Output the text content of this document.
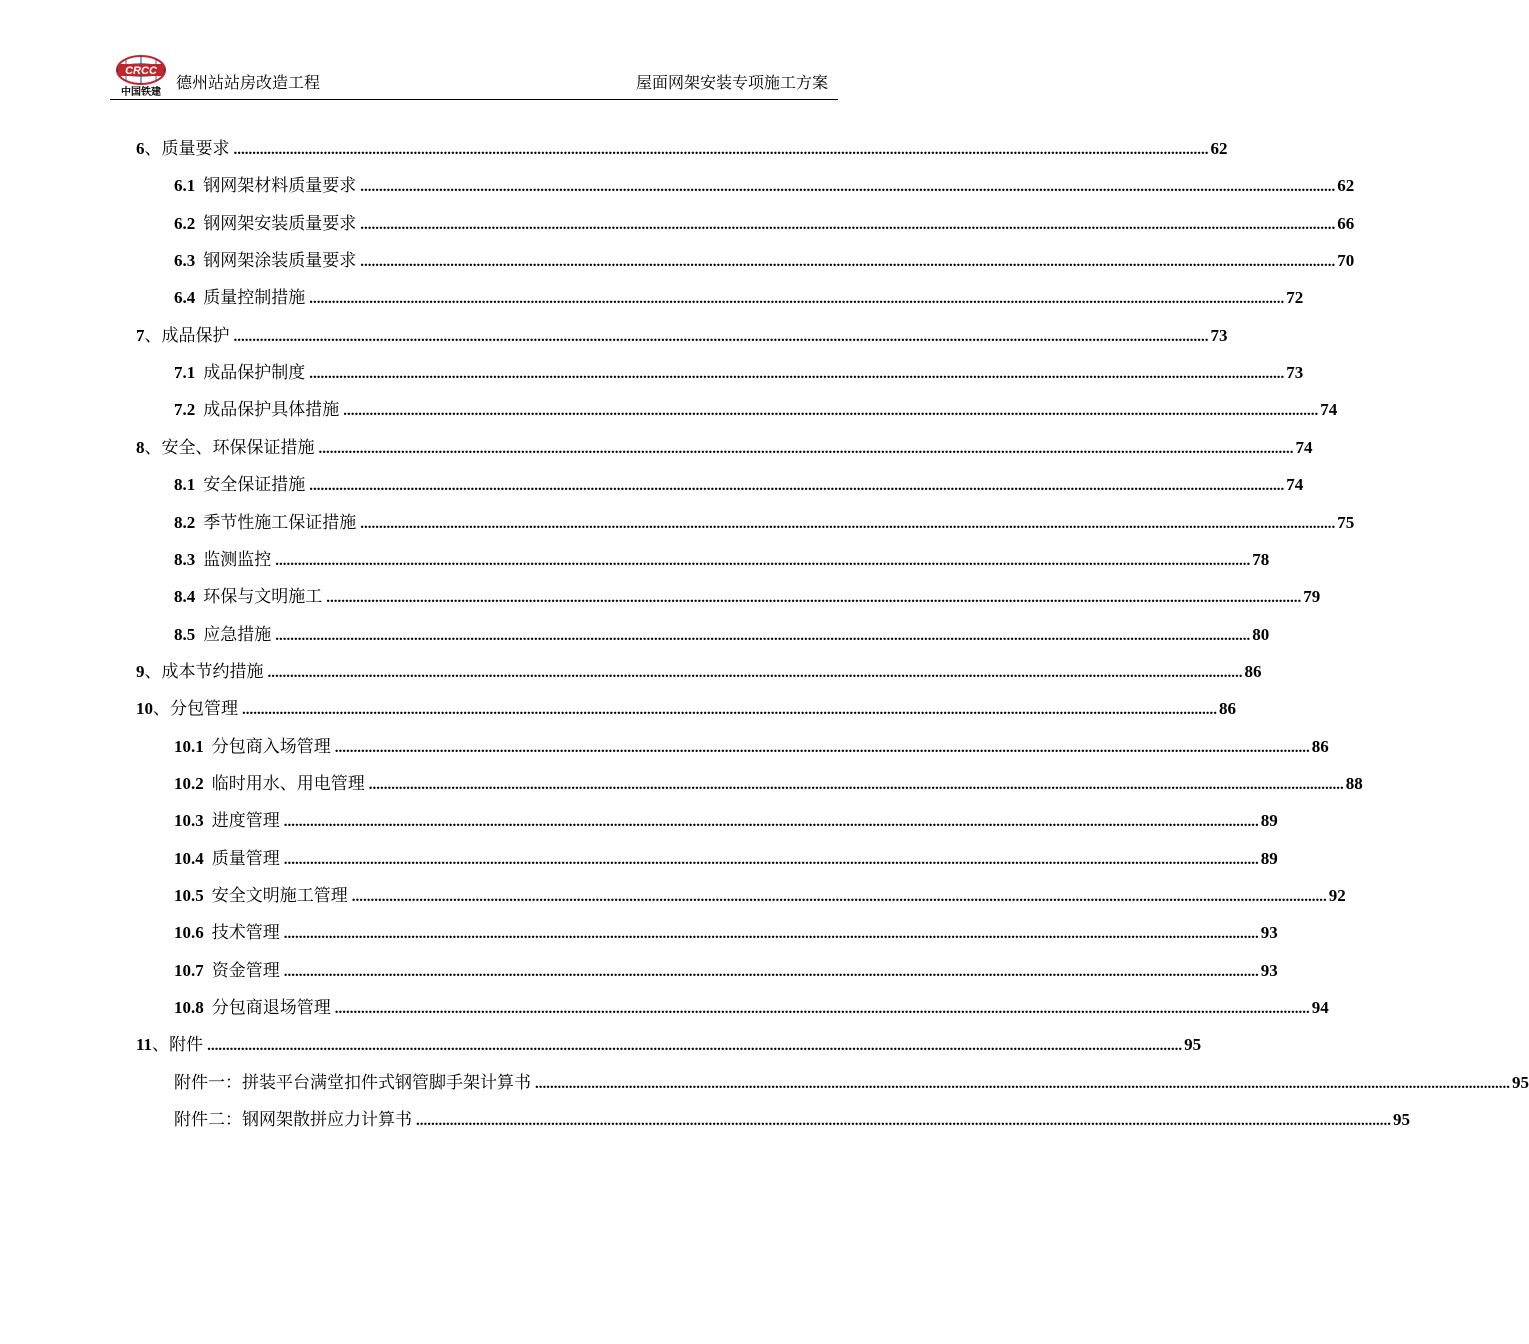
CRCC
中国铁建
德州站站房改造工程	屋面网架安装专项施工方案
6 、 质量要求 .................................................................................................................................................................................................................................................................... 62
6.1 钢网架材料质量要求 .................................................................................................................................................................................................................................................................... 62
6.2 钢网架安装质量要求 .................................................................................................................................................................................................................................................................... 66
6.3 钢网架涂装质量要求 .................................................................................................................................................................................................................................................................... 70
6.4 质量控制措施 .................................................................................................................................................................................................................................................................... 72
7 、 成品保护 .................................................................................................................................................................................................................................................................... 73
7.1 成品保护制度 .................................................................................................................................................................................................................................................................... 73
7.2 成品保护具体措施 .................................................................................................................................................................................................................................................................... 74
8 、 安全、环保保证措施 .................................................................................................................................................................................................................................................................... 74
8.1 安全保证措施 .................................................................................................................................................................................................................................................................... 74
8.2 季节性施工保证措施 .................................................................................................................................................................................................................................................................... 75
8.3 监测监控 .................................................................................................................................................................................................................................................................... 78
8.4 环保与文明施工 .................................................................................................................................................................................................................................................................... 79
8.5 应急措施 .................................................................................................................................................................................................................................................................... 80
9 、 成本节约措施 .................................................................................................................................................................................................................................................................... 86
10 、 分包管理 .................................................................................................................................................................................................................................................................... 86
10.1 分包商入场管理 .................................................................................................................................................................................................................................................................... 86
10.2 临时用水、用电管理 .................................................................................................................................................................................................................................................................... 88
10.3 进度管理 .................................................................................................................................................................................................................................................................... 89
10.4 质量管理 .................................................................................................................................................................................................................................................................... 89
10.5 安全文明施工管理 .................................................................................................................................................................................................................................................................... 92
10.6 技术管理 .................................................................................................................................................................................................................................................................... 93
10.7 资金管理 .................................................................................................................................................................................................................................................................... 93
10.8 分包商退场管理 .................................................................................................................................................................................................................................................................... 94
11 、 附件 .................................................................................................................................................................................................................................................................... 95
附件一：拼装平台满堂扣件式钢管脚手架计算书 .................................................................................................................................................................................................................................................................... 95
附件二：钢网架散拼应力计算书 .................................................................................................................................................................................................................................................................... 95
